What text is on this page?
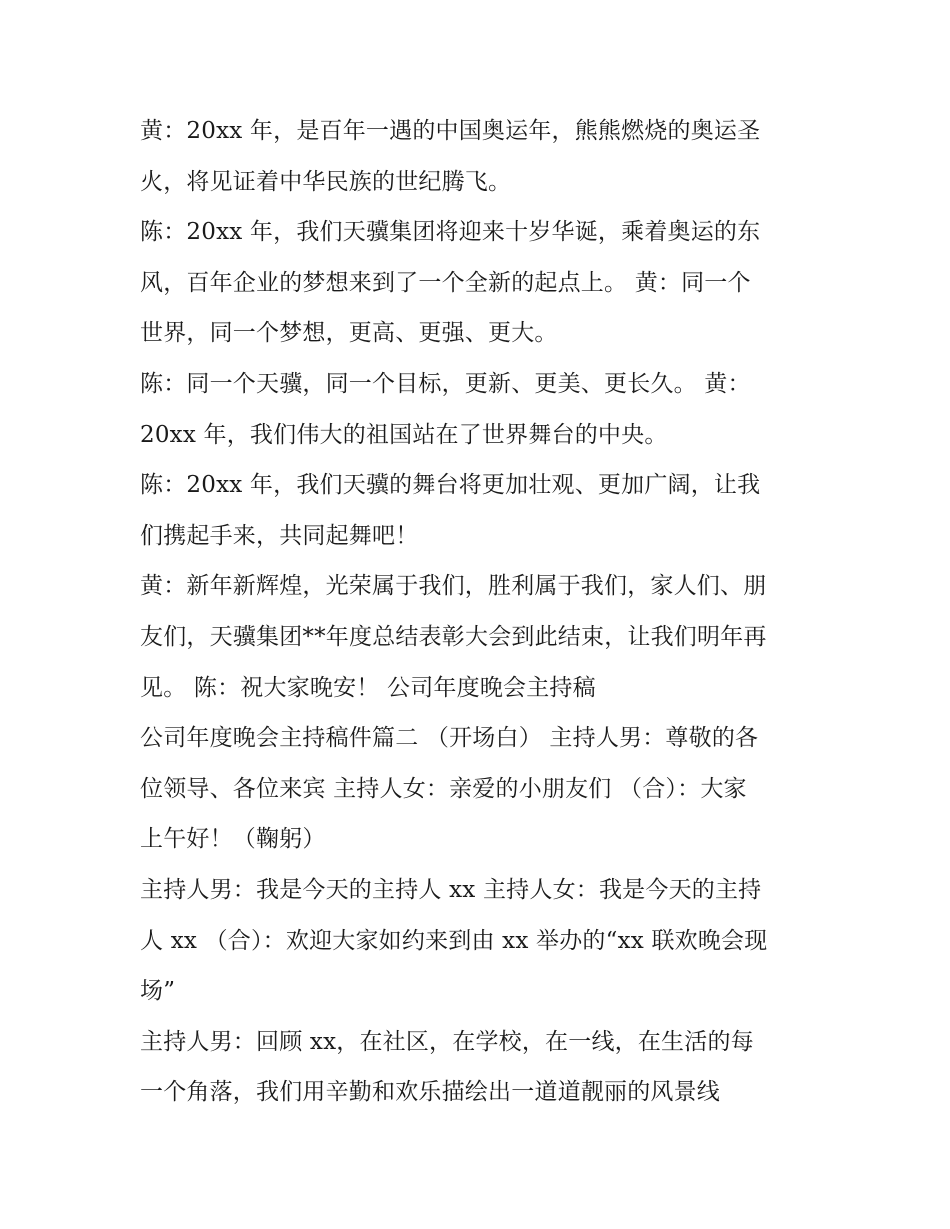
黄：20xx 年，是百年一遇的中国奥运年，熊熊燃烧的奥运圣
火，将见证着中华民族的世纪腾飞。
陈：20xx 年，我们天骥集团将迎来十岁华诞，乘着奥运的东
风，百年企业的梦想来到了一个全新的起点上。 黄：同一个
世界，同一个梦想，更高、更强、更大。
陈：同一个天骥，同一个目标，更新、更美、更长久。 黄：
20xx 年，我们伟大的祖国站在了世界舞台的中央。
陈：20xx 年，我们天骥的舞台将更加壮观、更加广阔，让我
们携起手来，共同起舞吧！
黄：新年新辉煌，光荣属于我们，胜利属于我们，家人们、朋
友们，天骥集团**年度总结表彰大会到此结束，让我们明年再
见。 陈：祝大家晚安！ 公司年度晚会主持稿
公司年度晚会主持稿件篇二 （开场白） 主持人男：尊敬的各
位领导、各位来宾 主持人女：亲爱的小朋友们 （合）：大家
上午好！（鞠躬）
主持人男：我是今天的主持人 xx 主持人女：我是今天的主持
人 xx （合）：欢迎大家如约来到由 xx 举办的“xx 联欢晚会现
场”
主持人男：回顾 xx，在社区，在学校，在一线，在生活的每
一个角落，我们用辛勤和欢乐描绘出一道道靓丽的风景线
